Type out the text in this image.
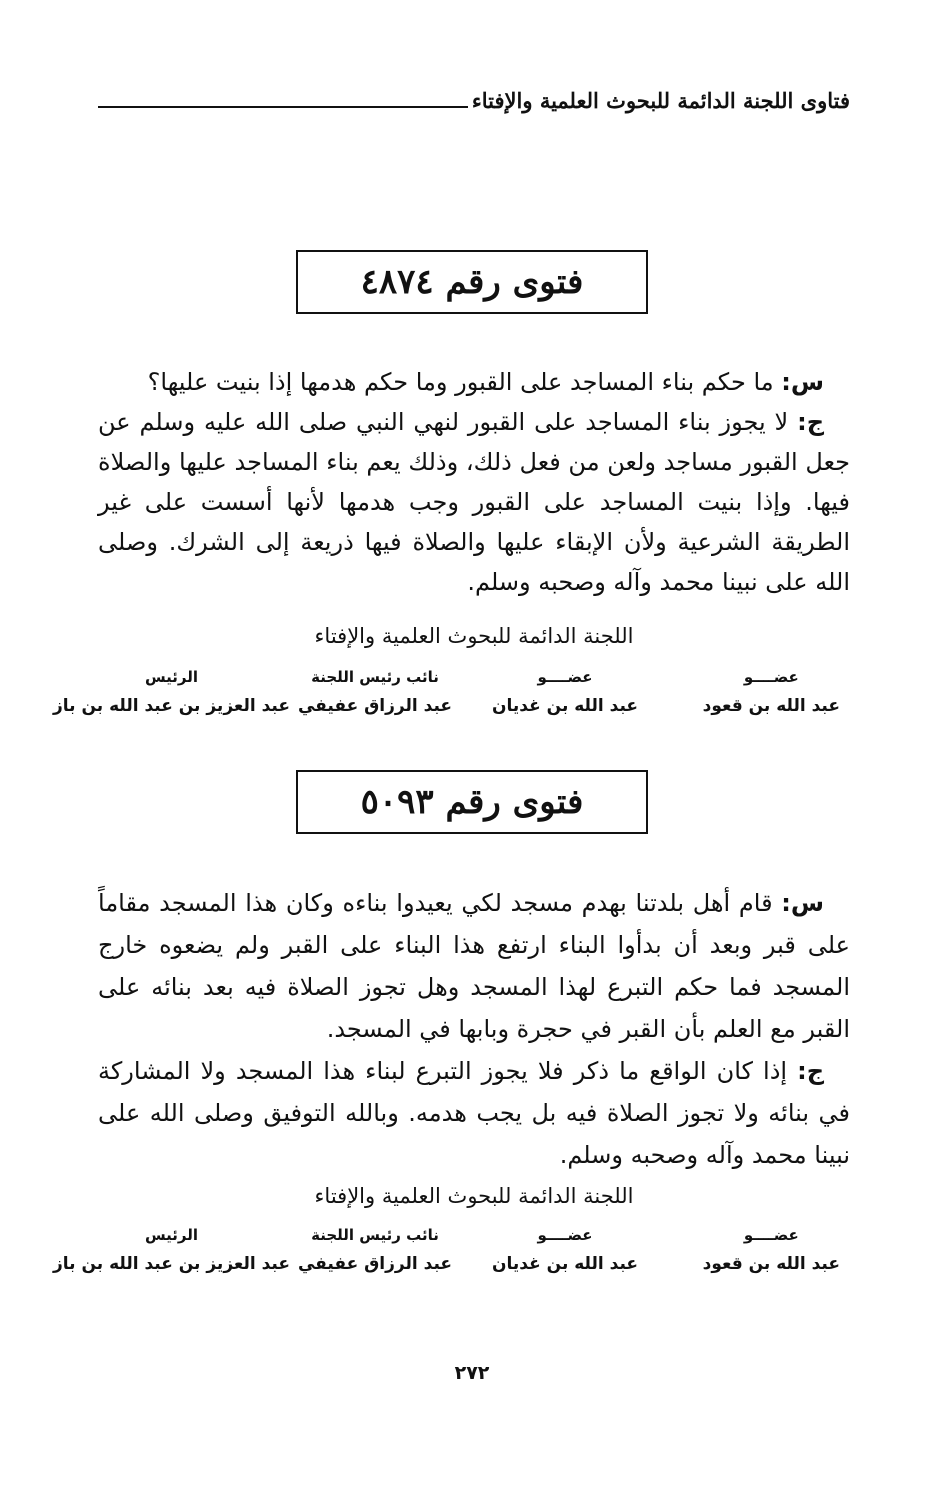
فتاوى اللجنة الدائمة للبحوث العلمية والإفتاء
فتوى رقم ٤٨٧٤

س: ما حكم بناء المساجد على القبور وما حكم هدمها إذا بنيت عليها؟

ج: لا يجوز بناء المساجد على القبور لنهي النبي صلى الله عليه وسلم عن جعل القبور مساجد ولعن من فعل ذلك، وذلك يعم بناء المساجد عليها والصلاة فيها. وإذا بنيت المساجد على القبور وجب هدمها لأنها أسست على غير الطريقة الشرعية ولأن الإبقاء عليها والصلاة فيها ذريعة إلى الشرك. وصلى الله على نبينا محمد وآله وصحبه وسلم.

اللجنة الدائمة للبحوث العلمية والإفتاء
عضــــو
عبد الله بن قعود
عضــــو
عبد الله بن غديان
نائب رئيس اللجنة
عبد الرزاق عفيفي
الرئيس
عبد العزيز بن عبد الله بن باز
فتوى رقم ٥٠٩٣

س: قام أهل بلدتنا بهدم مسجد لكي يعيدوا بناءه وكان هذا المسجد مقاماً على قبر وبعد أن بدأوا البناء ارتفع هذا البناء على القبر ولم يضعوه خارج المسجد فما حكم التبرع لهذا المسجد وهل تجوز الصلاة فيه بعد بنائه على القبر مع العلم بأن القبر في حجرة وبابها في المسجد.

ج: إذا كان الواقع ما ذكر فلا يجوز التبرع لبناء هذا المسجد ولا المشاركة في بنائه ولا تجوز الصلاة فيه بل يجب هدمه. وبالله التوفيق وصلى الله على نبينا محمد وآله وصحبه وسلم.

اللجنة الدائمة للبحوث العلمية والإفتاء
عضــــو
عبد الله بن قعود
عضــــو
عبد الله بن غديان
نائب رئيس اللجنة
عبد الرزاق عفيفي
الرئيس
عبد العزيز بن عبد الله بن باز
٢٧٢
